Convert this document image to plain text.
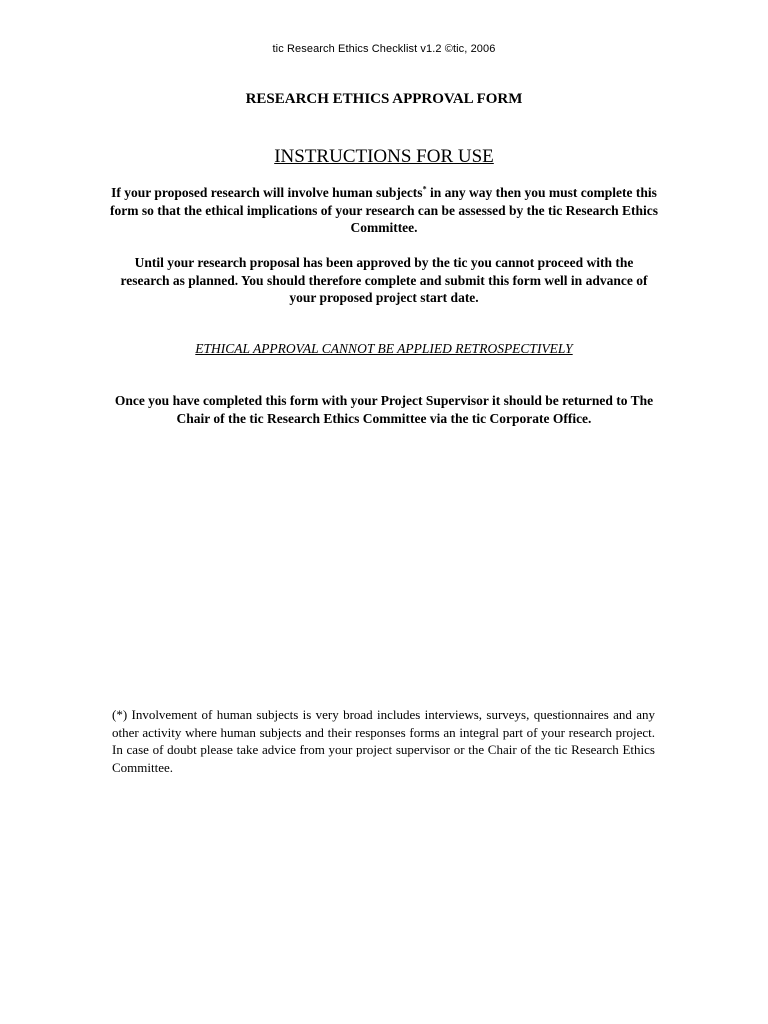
tic Research Ethics Checklist v1.2 ©tic, 2006
RESEARCH ETHICS APPROVAL FORM
INSTRUCTIONS FOR USE

If your proposed research will involve human subjects* in any way then you must complete this form so that the ethical implications of your research can be assessed by the tic Research Ethics Committee.

Until your research proposal has been approved by the tic you cannot proceed with the research as planned. You should therefore complete and submit this form well in advance of your proposed project start date.

ETHICAL APPROVAL CANNOT BE APPLIED RETROSPECTIVELY

Once you have completed this form with your Project Supervisor it should be returned to The Chair of the tic Research Ethics Committee via the tic Corporate Office.

(*) Involvement of human subjects is very broad includes interviews, surveys, questionnaires and any other activity where human subjects and their responses forms an integral part of your research project. In case of doubt please take advice from your project supervisor or the Chair of the tic Research Ethics Committee.
